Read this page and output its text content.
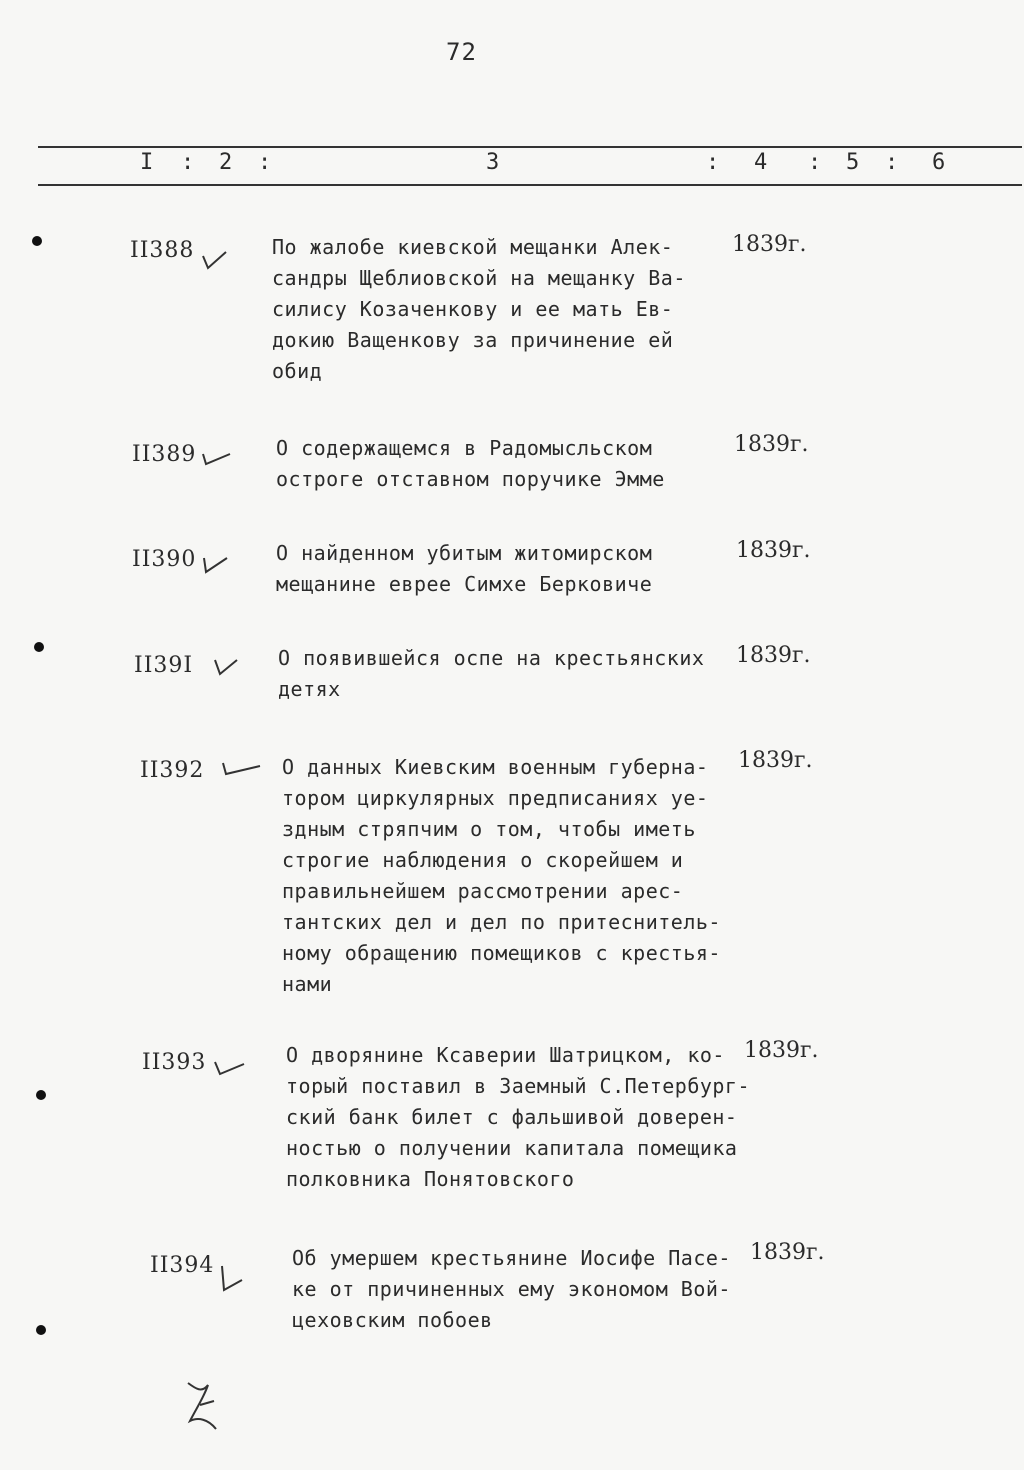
72
I : 2 :	3	: 4 : 5 : 6
II388	По жалобе киевской мещанки Алек-
сандры Щеблиовской на мещанку Ва-
силису Козаченкову и ее мать Ев-
докию Ващенкову за причинение ей
обид
1839г.
II389	О содержащемся в Радомысльском
остроге отставном поручике Эмме
1839г.
II390	О найденном убитым житомирском
мещанине еврее Симхе Берковиче
1839г.
II39I	О появившейся оспе на крестьянских
детях
1839г.
II392	О данных Киевским военным губерна-
тором циркулярных предписаниях уе-
здным стряпчим о том, чтобы иметь
строгие наблюдения о скорейшем и
правильнейшем рассмотрении арес-
тантских дел и дел по притеснитель-
ному обращению помещиков с крестья-
нами
1839г.
II393	О дворянине Ксаверии Шатрицком, ко-
торый поставил в Заемный С.Петербург-
ский банк билет с фальшивой доверен-
ностью о получении капитала помещика
полковника Понятовского
1839г.
II394	Об умершем крестьянине Иосифе Пасе-
ке от причиненных ему экономом Вой-
цеховским побоев
1839г.
